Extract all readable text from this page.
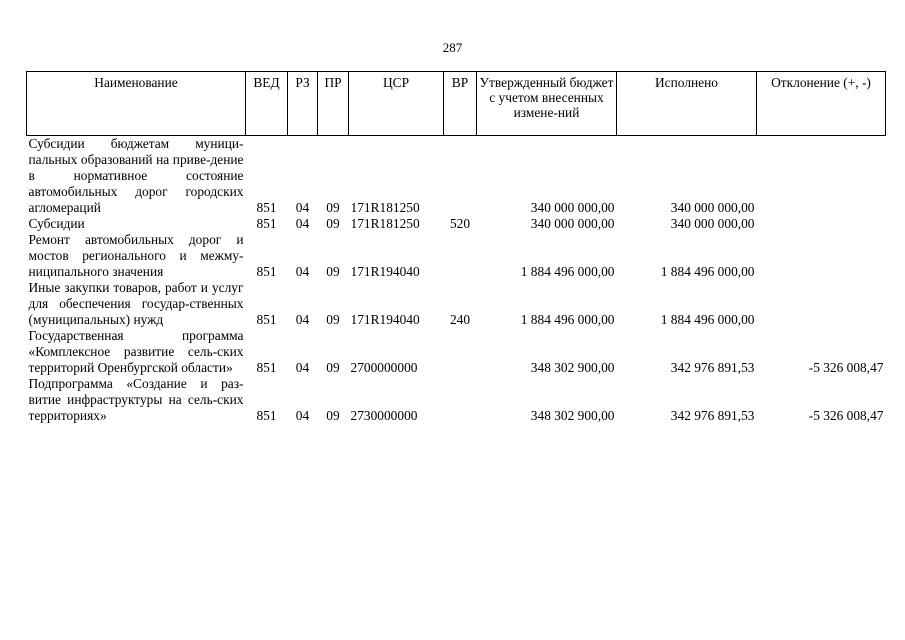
287
Наименование	ВЕД	РЗ	ПР	ЦСР	ВР	Утвержденный бюджет с учетом внесенных измене-ний	Исполнено	Отклонение (+, -)
Субсидии бюджетам муници-пальных образований на приве-дение в нормативное состояние автомобильных дорог городских агломераций	851	04	09	171R181250		340 000 000,00	340 000 000,00	
Субсидии	851	04	09	171R181250	520	340 000 000,00	340 000 000,00	
Ремонт автомобильных дорог и мостов регионального и межму-ниципального значения	851	04	09	171R194040		1 884 496 000,00	1 884 496 000,00	
Иные закупки товаров, работ и услуг для обеспечения государ-ственных (муниципальных) нужд	851	04	09	171R194040	240	1 884 496 000,00	1 884 496 000,00	
Государственная программа «Комплексное развитие сель-ских территорий Оренбургской области»	851	04	09	2700000000		348 302 900,00	342 976 891,53	-5 326 008,47
Подпрограмма «Создание и раз-витие инфраструктуры на сель-ских территориях»	851	04	09	2730000000		348 302 900,00	342 976 891,53	-5 326 008,47
